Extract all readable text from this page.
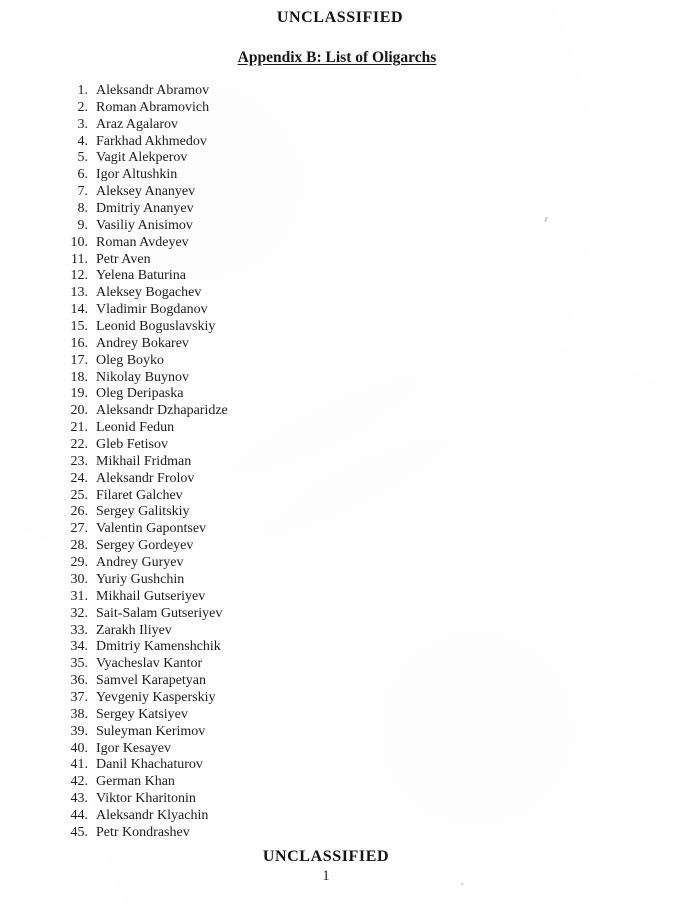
UNCLASSIFIED
Appendix B: List of Oligarchs
1. Aleksandr Abramov
2. Roman Abramovich
3. Araz Agalarov
4. Farkhad Akhmedov
5. Vagit Alekperov
6. Igor Altushkin
7. Aleksey Ananyev
8. Dmitriy Ananyev
9. Vasiliy Anisimov
10. Roman Avdeyev
11. Petr Aven
12. Yelena Baturina
13. Aleksey Bogachev
14. Vladimir Bogdanov
15. Leonid Boguslavskiy
16. Andrey Bokarev
17. Oleg Boyko
18. Nikolay Buynov
19. Oleg Deripaska
20. Aleksandr Dzhaparidze
21. Leonid Fedun
22. Gleb Fetisov
23. Mikhail Fridman
24. Aleksandr Frolov
25. Filaret Galchev
26. Sergey Galitskiy
27. Valentin Gapontsev
28. Sergey Gordeyev
29. Andrey Guryev
30. Yuriy Gushchin
31. Mikhail Gutseriyev
32. Sait-Salam Gutseriyev
33. Zarakh Iliyev
34. Dmitriy Kamenshchik
35. Vyacheslav Kantor
36. Samvel Karapetyan
37. Yevgeniy Kasperskiy
38. Sergey Katsiyev
39. Suleyman Kerimov
40. Igor Kesayev
41. Danil Khachaturov
42. German Khan
43. Viktor Kharitonin
44. Aleksandr Klyachin
45. Petr Kondrashev
UNCLASSIFIED
1
